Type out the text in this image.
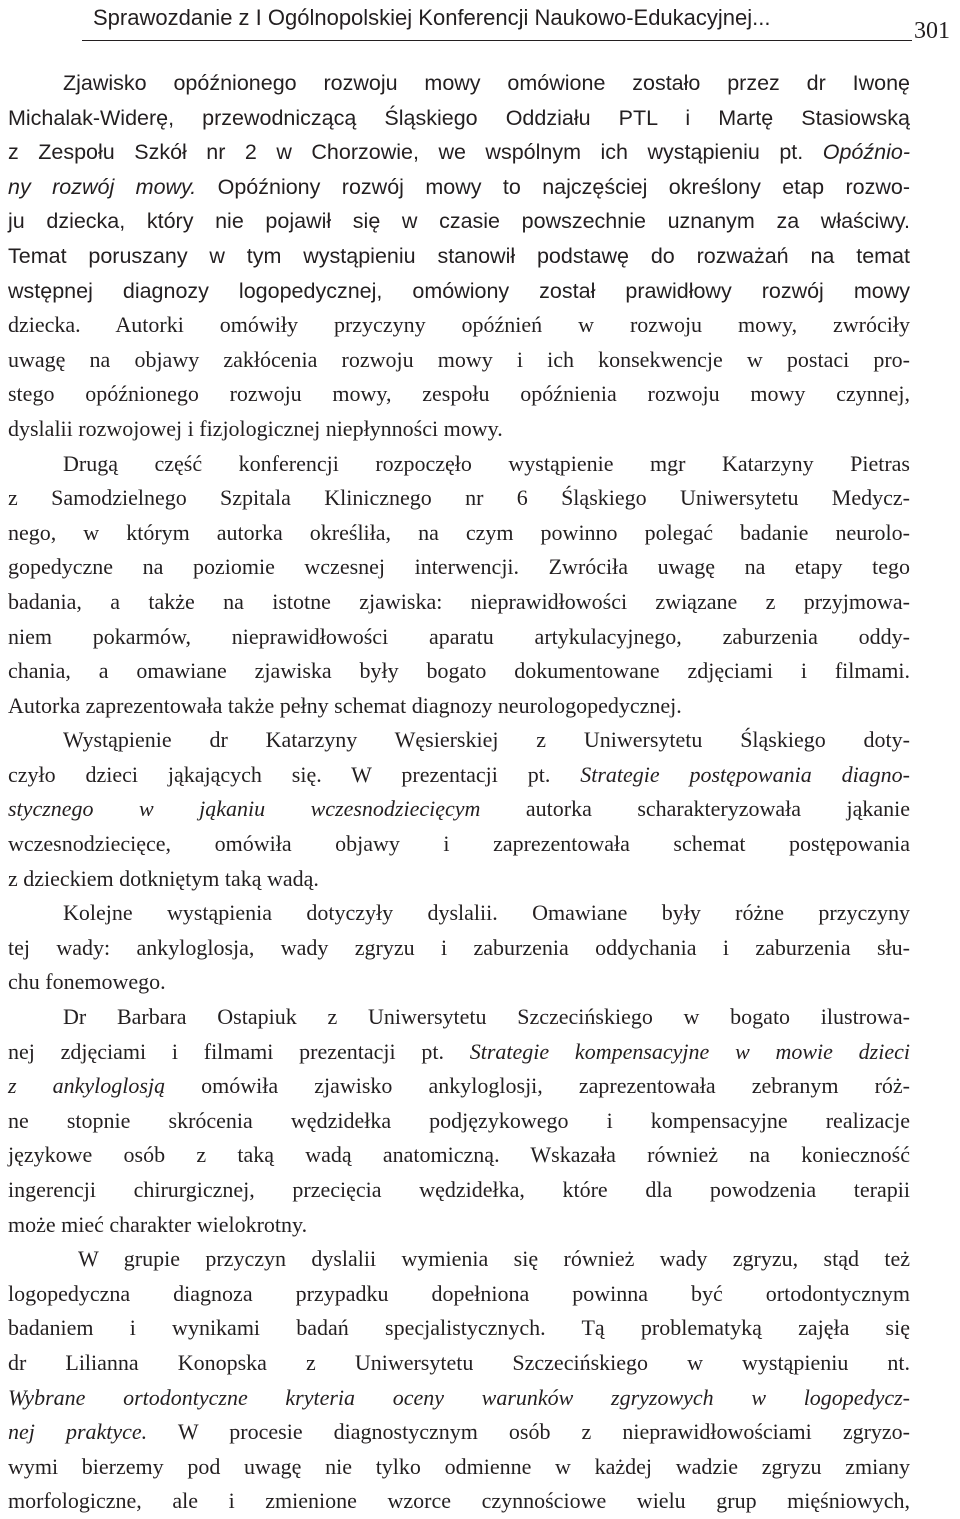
Sprawozdanie z I Ogólnopolskiej Konferencji Naukowo-Edukacyjnej...
301

Zjawisko opóźnionego rozwoju mowy omówione zostało przez dr Iwonę

Michalak-Widerę, przewodniczącą Śląskiego Oddziału PTL i Martę Stasiowską

z Zespołu Szkół nr 2 w Chorzowie, we wspólnym ich wystąpieniu pt. Opóźnio-

ny rozwój mowy. Opóźniony rozwój mowy to najczęściej określony etap rozwo-

ju dziecka, który nie pojawił się w czasie powszechnie uznanym za właściwy.

Temat poruszany w tym wystąpieniu stanowił podstawę do rozważań na temat

wstępnej diagnozy logopedycznej, omówiony został prawidłowy rozwój mowy

dziecka. Autorki omówiły przyczyny opóźnień w rozwoju mowy, zwróciły

uwagę na objawy zakłócenia rozwoju mowy i ich konsekwencje w postaci pro-

stego opóźnionego rozwoju mowy, zespołu opóźnienia rozwoju mowy czynnej,

dyslalii rozwojowej i fizjologicznej niepłynności mowy.

Drugą część konferencji rozpoczęło wystąpienie mgr Katarzyny Pietras

z Samodzielnego Szpitala Klinicznego nr 6 Śląskiego Uniwersytetu Medycz-

nego, w którym autorka określiła, na czym powinno polegać badanie neurolo-

gopedyczne na poziomie wczesnej interwencji. Zwróciła uwagę na etapy tego

badania, a także na istotne zjawiska: nieprawidłowości związane z przyjmowa-

niem pokarmów, nieprawidłowości aparatu artykulacyjnego, zaburzenia oddy-

chania, a omawiane zjawiska były bogato dokumentowane zdjęciami i filmami.

Autorka zaprezentowała także pełny schemat diagnozy neurologopedycznej.

Wystąpienie dr Katarzyny Węsierskiej z Uniwersytetu Śląskiego doty-

czyło dzieci jąkających się. W prezentacji pt. Strategie postępowania diagno-

stycznego w jąkaniu wczesnodziecięcym autorka scharakteryzowała jąkanie

wczesnodziecięce, omówiła objawy i zaprezentowała schemat postępowania

z dzieckiem dotkniętym taką wadą.

Kolejne wystąpienia dotyczyły dyslalii. Omawiane były różne przyczyny

tej wady: ankyloglosja, wady zgryzu i zaburzenia oddychania i zaburzenia słu-

chu fonemowego.

Dr Barbara Ostapiuk z Uniwersytetu Szczecińskiego w bogato ilustrowa-

nej zdjęciami i filmami prezentacji pt. Strategie kompensacyjne w mowie dzieci

z ankyloglosją omówiła zjawisko ankyloglosji, zaprezentowała zebranym róż-

ne stopnie skrócenia wędzidełka podjęzykowego i kompensacyjne realizacje

językowe osób z taką wadą anatomiczną. Wskazała również na konieczność

ingerencji chirurgicznej, przecięcia wędzidełka, które dla powodzenia terapii

może mieć charakter wielokrotny.

W grupie przyczyn dyslalii wymienia się również wady zgryzu, stąd też

logopedyczna diagnoza przypadku dopełniona powinna być ortodontycznym

badaniem i wynikami badań specjalistycznych. Tą problematyką zajęła się

dr Lilianna Konopska z Uniwersytetu Szczecińskiego w wystąpieniu nt.

Wybrane ortodontyczne kryteria oceny warunków zgryzowych w logopedycz-

nej praktyce. W procesie diagnostycznym osób z nieprawidłowościami zgryzo-

wymi bierzemy pod uwagę nie tylko odmienne w każdej wadzie zgryzu zmiany

morfologiczne, ale i zmienione wzorce czynnościowe wielu grup mięśniowych,
